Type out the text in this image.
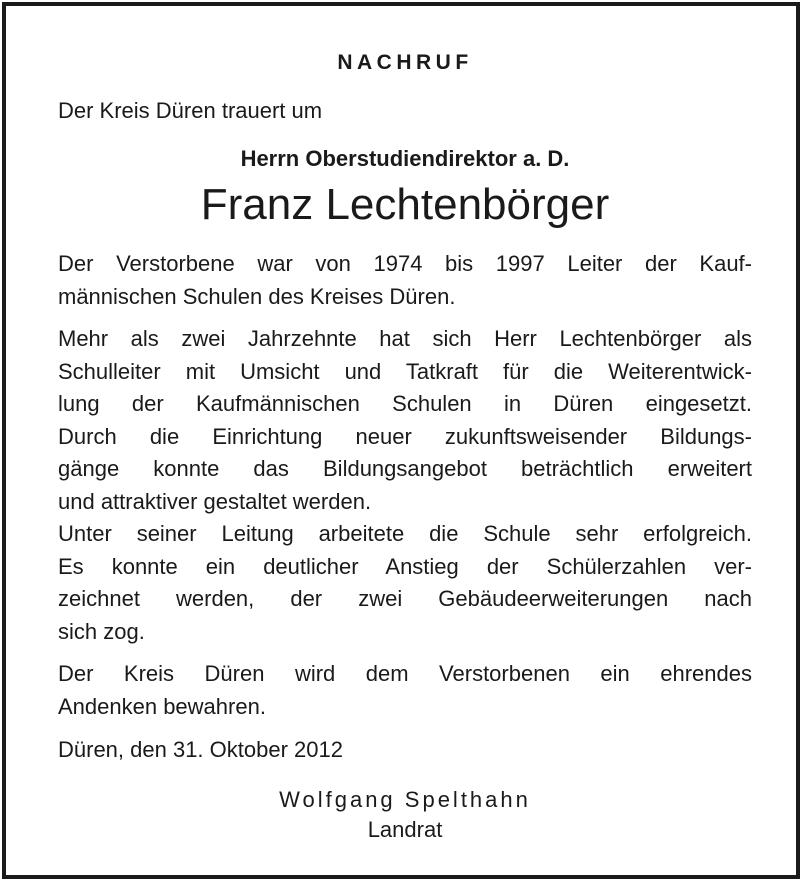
NACHRUF
Der Kreis Düren trauert um
Herrn Oberstudiendirektor a. D.
Franz Lechtenbörger
Der Verstorbene war von 1974 bis 1997 Leiter der Kauf-
männischen Schulen des Kreises Düren.
Mehr als zwei Jahrzehnte hat sich Herr Lechtenbörger als
Schulleiter mit Umsicht und Tatkraft für die Weiterentwick-
lung der Kaufmännischen Schulen in Düren eingesetzt.
Durch die Einrichtung neuer zukunftsweisender Bildungs-
gänge konnte das Bildungsangebot beträchtlich erweitert
und attraktiver gestaltet werden.
Unter seiner Leitung arbeitete die Schule sehr erfolgreich.
Es konnte ein deutlicher Anstieg der Schülerzahlen ver-
zeichnet werden, der zwei Gebäudeerweiterungen nach
sich zog.
Der Kreis Düren wird dem Verstorbenen ein ehrendes
Andenken bewahren.
Düren, den 31. Oktober 2012
Wolfgang Spelthahn
Landrat
